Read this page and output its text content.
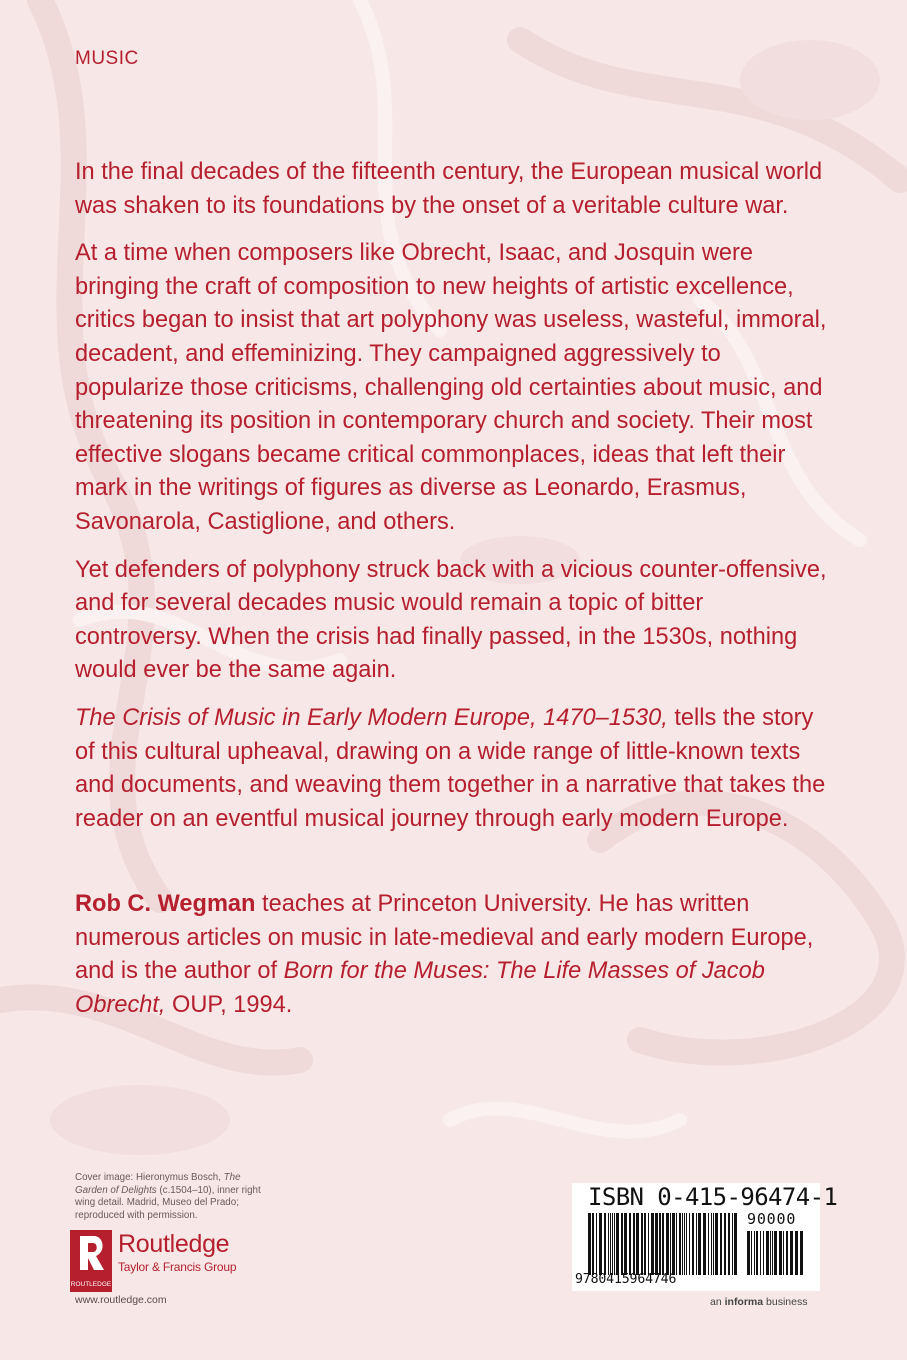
MUSIC

In the final decades of the fifteenth century, the European musical world was shaken to its foundations by the onset of a veritable culture war.

At a time when composers like Obrecht, Isaac, and Josquin were bringing the craft of composition to new heights of artistic excellence, critics began to insist that art polyphony was useless, wasteful, immoral, decadent, and effeminizing. They campaigned aggressively to popularize those criticisms, challenging old certainties about music, and threatening its position in contemporary church and society. Their most effective slogans became critical commonplaces, ideas that left their mark in the writings of figures as diverse as Leonardo, Erasmus, Savonarola, Castiglione, and others.

Yet defenders of polyphony struck back with a vicious counter-offensive, and for several decades music would remain a topic of bitter controversy. When the crisis had finally passed, in the 1530s, nothing would ever be the same again.

The Crisis of Music in Early Modern Europe, 1470–1530, tells the story of this cultural upheaval, drawing on a wide range of little-known texts and documents, and weaving them together in a narrative that takes the reader on an eventful musical journey through early modern Europe.

Rob C. Wegman teaches at Princeton University. He has written numerous articles on music in late-medieval and early modern Europe, and is the author of Born for the Muses: The Life Masses of Jacob Obrecht, OUP, 1994.
Cover image: Hieronymus Bosch, The Garden of Delights (c.1504–10), inner right wing detail. Madrid, Museo del Prado; reproduced with permission.
ROUTLEDGE
Routledge
Taylor & Francis Group
www.routledge.com
ISBN 0-415-96474-1
90000
9780415964746
an informa business
